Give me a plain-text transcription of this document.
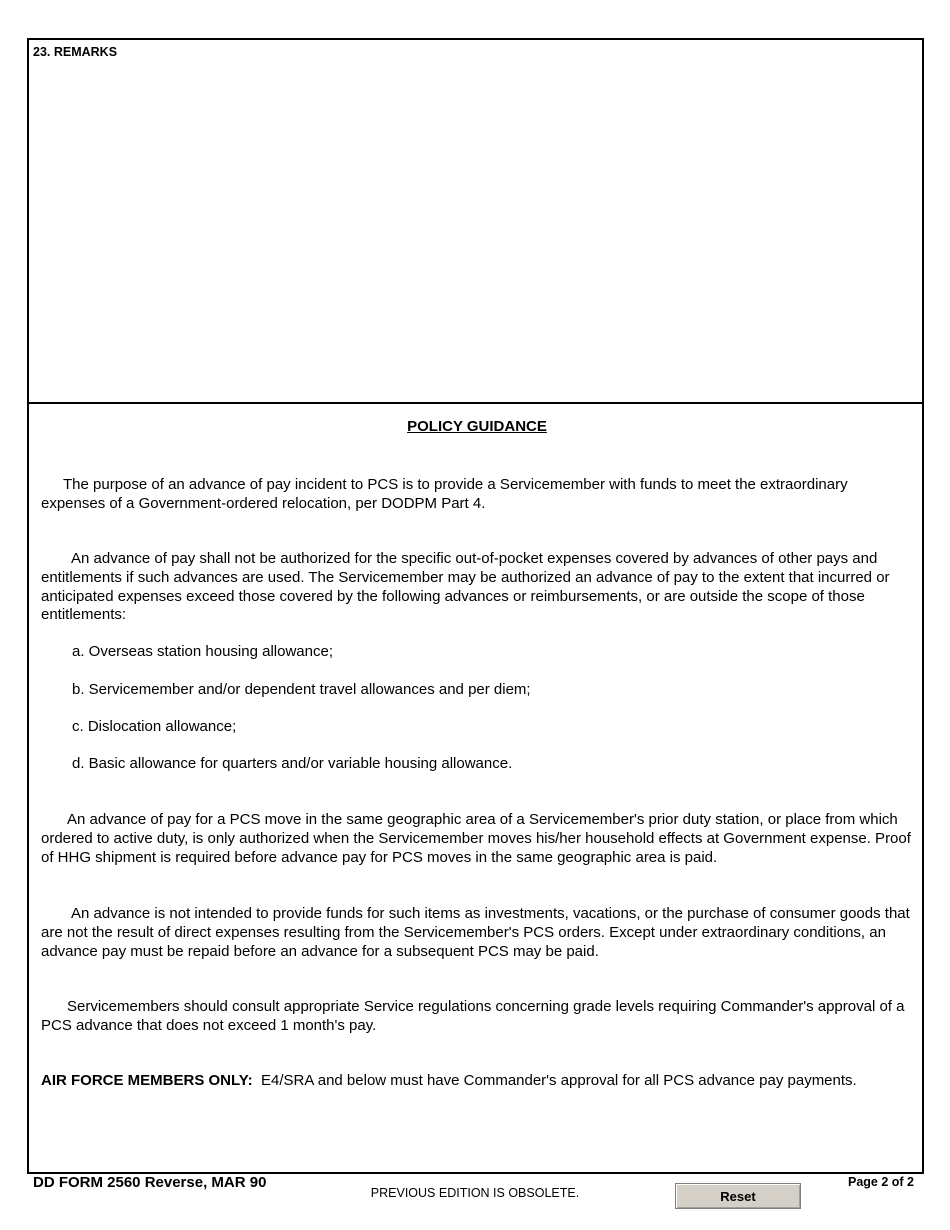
23. REMARKS
POLICY GUIDANCE

The purpose of an advance of pay incident to PCS is to provide a Servicemember with funds to meet the extraordinary expenses of a Government-ordered relocation, per DODPM Part 4.

An advance of pay shall not be authorized for the specific out-of-pocket expenses covered by advances of other pays and entitlements if such advances are used. The Servicemember may be authorized an advance of pay to the extent that incurred or anticipated expenses exceed those covered by the following advances or reimbursements, or are outside the scope of those entitlements:

a. Overseas station housing allowance;

b. Servicemember and/or dependent travel allowances and per diem;

c. Dislocation allowance;

d. Basic allowance for quarters and/or variable housing allowance.

An advance of pay for a PCS move in the same geographic area of a Servicemember's prior duty station, or place from which ordered to active duty, is only authorized when the Servicemember moves his/her household effects at Government expense. Proof of HHG shipment is required before advance pay for PCS moves in the same geographic area is paid.

An advance is not intended to provide funds for such items as investments, vacations, or the purchase of consumer goods that are not the result of direct expenses resulting from the Servicemember's PCS orders. Except under extraordinary conditions, an advance pay must be repaid before an advance for a subsequent PCS may be paid.

Servicemembers should consult appropriate Service regulations concerning grade levels requiring Commander's approval of a PCS advance that does not exceed 1 month's pay.

AIR FORCE MEMBERS ONLY: E4/SRA and below must have Commander's approval for all PCS advance pay payments.

DD FORM 2560 Reverse, MAR 90
PREVIOUS EDITION IS OBSOLETE.	Reset
Page 2 of 2
